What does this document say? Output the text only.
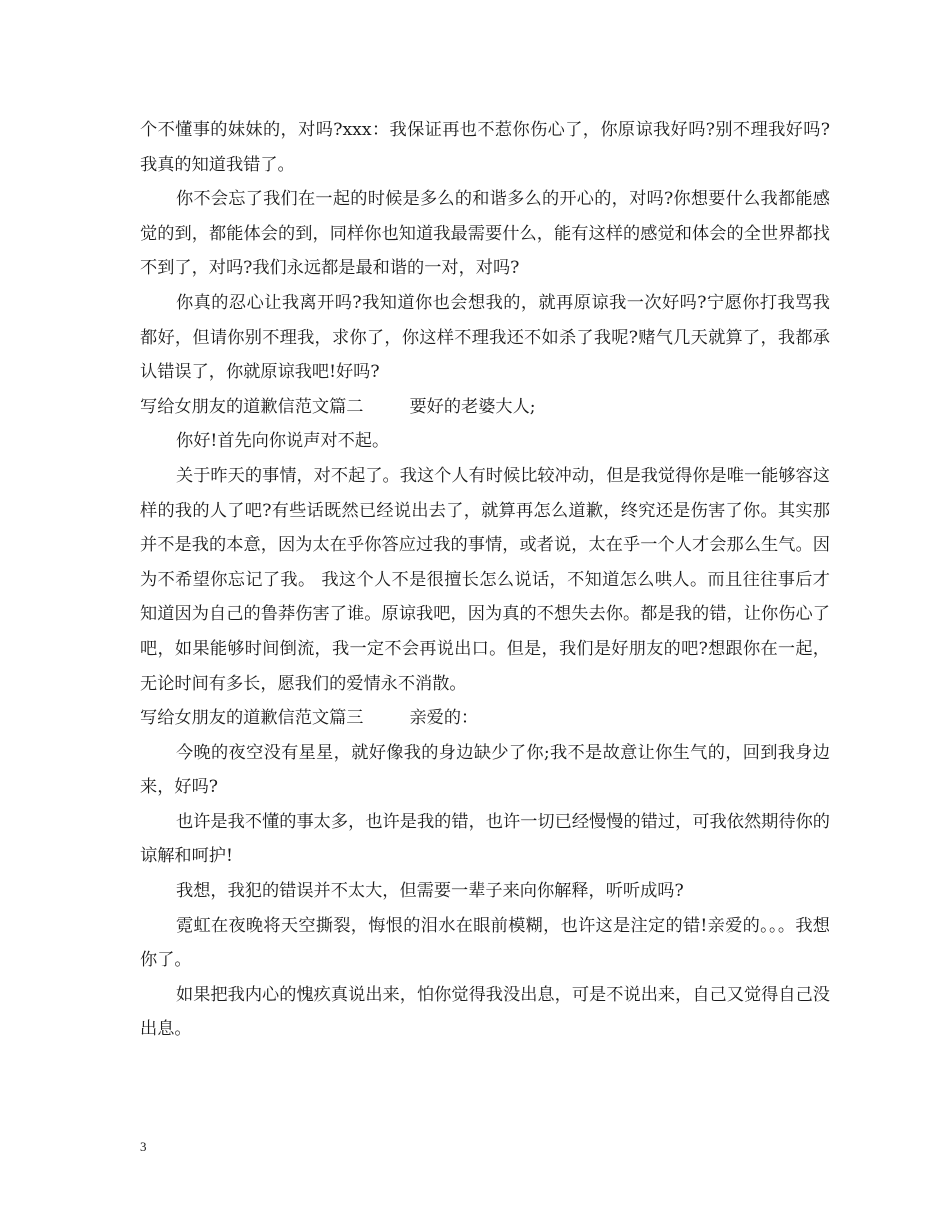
个不懂事的妹妹的，对吗?xxx：我保证再也不惹你伤心了，你原谅我好吗?别不理我好吗?我真的知道我错了。

你不会忘了我们在一起的时候是多么的和谐多么的开心的，对吗?你想要什么我都能感觉的到，都能体会的到，同样你也知道我最需要什么，能有这样的感觉和体会的全世界都找不到了，对吗?我们永远都是最和谐的一对，对吗?

你真的忍心让我离开吗?我知道你也会想我的，就再原谅我一次好吗?宁愿你打我骂我都好，但请你别不理我，求你了，你这样不理我还不如杀了我呢?赌气几天就算了，我都承认错误了，你就原谅我吧!好吗?

写给女朋友的道歉信范文篇二	要好的老婆大人;

你好!首先向你说声对不起。

关于昨天的事情，对不起了。我这个人有时候比较冲动，但是我觉得你是唯一能够容这样的我的人了吧?有些话既然已经说出去了，就算再怎么道歉，终究还是伤害了你。其实那并不是我的本意，因为太在乎你答应过我的事情，或者说，太在乎一个人才会那么生气。因为不希望你忘记了我。 我这个人不是很擅长怎么说话，不知道怎么哄人。而且往往事后才知道因为自己的鲁莽伤害了谁。原谅我吧，因为真的不想失去你。都是我的错，让你伤心了吧，如果能够时间倒流，我一定不会再说出口。但是，我们是好朋友的吧?想跟你在一起，无论时间有多长，愿我们的爱情永不消散。

写给女朋友的道歉信范文篇三	亲爱的：

今晚的夜空没有星星，就好像我的身边缺少了你;我不是故意让你生气的，回到我身边来，好吗?

也许是我不懂的事太多，也许是我的错，也许一切已经慢慢的错过，可我依然期待你的谅解和呵护!

我想，我犯的错误并不太大，但需要一辈子来向你解释，听听成吗?

霓虹在夜晚将天空撕裂，悔恨的泪水在眼前模糊，也许这是注定的错!亲爱的。。。我想你了。

如果把我内心的愧疚真说出来，怕你觉得我没出息，可是不说出来，自己又觉得自己没出息。

3
